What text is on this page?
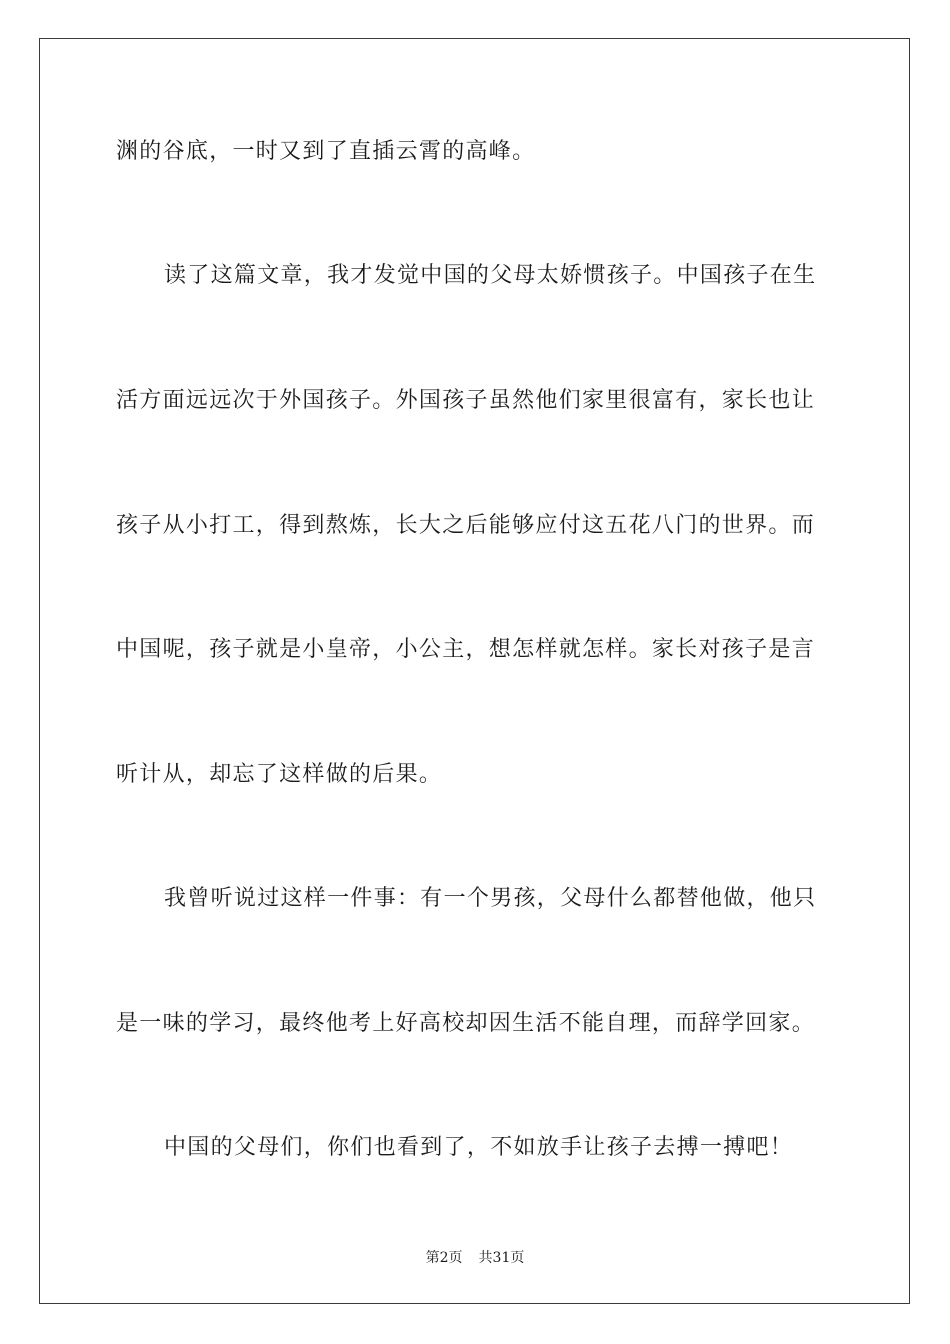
渊的谷底，一时又到了直插云霄的高峰。
读了这篇文章，我才发觉中国的父母太娇惯孩子。中国孩子在生
活方面远远次于外国孩子。外国孩子虽然他们家里很富有，家长也让
孩子从小打工，得到熬炼，长大之后能够应付这五花八门的世界。而
中国呢，孩子就是小皇帝，小公主，想怎样就怎样。家长对孩子是言
听计从，却忘了这样做的后果。
我曾听说过这样一件事：有一个男孩，父母什么都替他做，他只
是一味的学习，最终他考上好高校却因生活不能自理，而辞学回家。
中国的父母们，你们也看到了，不如放手让孩子去搏一搏吧！
第2页 共31页
